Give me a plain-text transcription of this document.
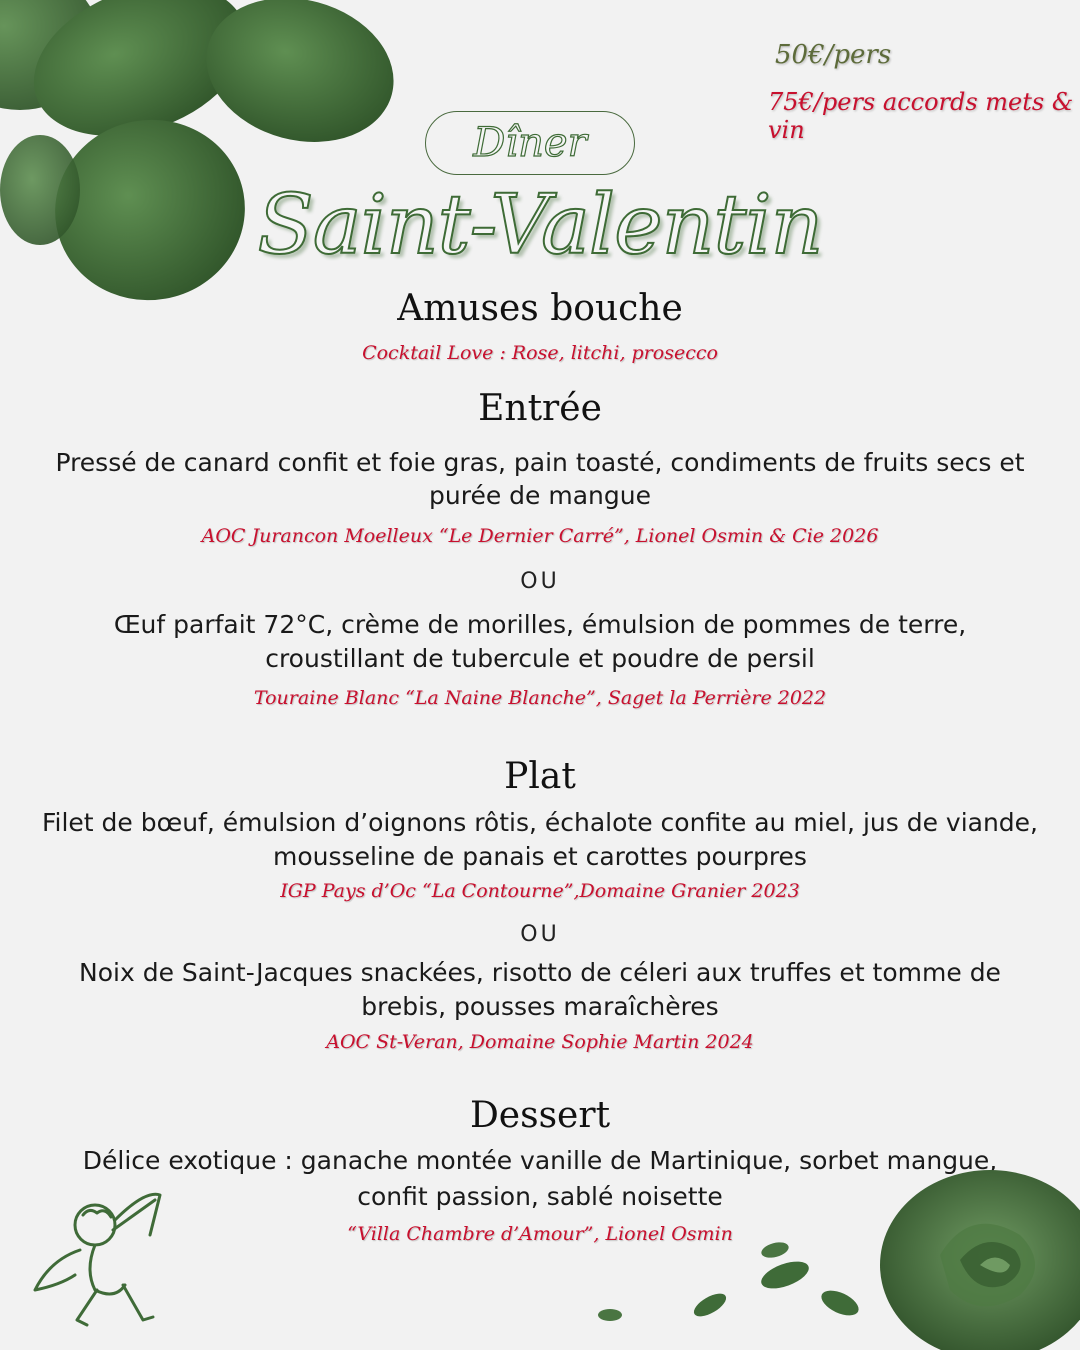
50€/pers
75€/pers accords mets & vin
Dîner
Saint-Valentin
Amuses bouche
Cocktail Love : Rose, litchi, prosecco
Entrée
Pressé de canard confit et foie gras, pain toasté, condiments de fruits secs et
purée de mangue
AOC Jurancon Moelleux “Le Dernier Carré”, Lionel Osmin & Cie 2026
OU
Œuf parfait 72°C, crème de morilles, émulsion de pommes de terre,
croustillant de tubercule et poudre de persil
Touraine Blanc “La Naine Blanche”, Saget la Perrière 2022
Plat
Filet de bœuf, émulsion d’oignons rôtis, échalote confite au miel, jus de viande,
mousseline de panais et carottes pourpres
IGP Pays d’Oc “La Contourne”,Domaine Granier 2023
OU
Noix de Saint-Jacques snackées, risotto de céleri aux truffes et tomme de
brebis, pousses maraîchères
AOC St-Veran, Domaine Sophie Martin 2024
Dessert
Délice exotique : ganache montée vanille de Martinique, sorbet mangue,
confit passion, sablé noisette
“Villa Chambre d’Amour”, Lionel Osmin
